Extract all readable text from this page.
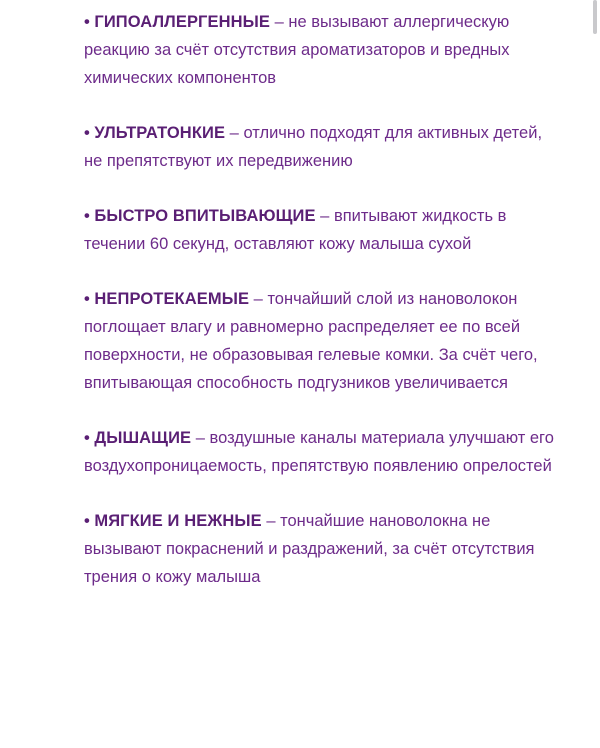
• ГИПОАЛЛЕРГЕННЫЕ – не вызывают аллергическую реакцию за счёт отсутствия ароматизаторов и вредных химических компонентов
• УЛЬТРАТОНКИЕ – отлично подходят для активных детей, не препятствуют их передвижению
• БЫСТРО ВПИТЫВАЮЩИЕ – впитывают жидкость в течении 60 секунд, оставляют кожу малыша сухой
• НЕПРОТЕКАЕМЫЕ – тончайший слой из нановолокон поглощает влагу и равномерно распределяет ее по всей поверхности, не образовывая гелевые комки. За счёт чего, впитывающая способность подгузников увеличивается
• ДЫШАЩИЕ – воздушные каналы материала улучшают его воздухопроницаемость, препятствую появлению опрелостей
• МЯГКИЕ И НЕЖНЫЕ – тончайшие нановолокна не вызывают покраснений и раздражений, за счёт отсутствия трения о кожу малыша
